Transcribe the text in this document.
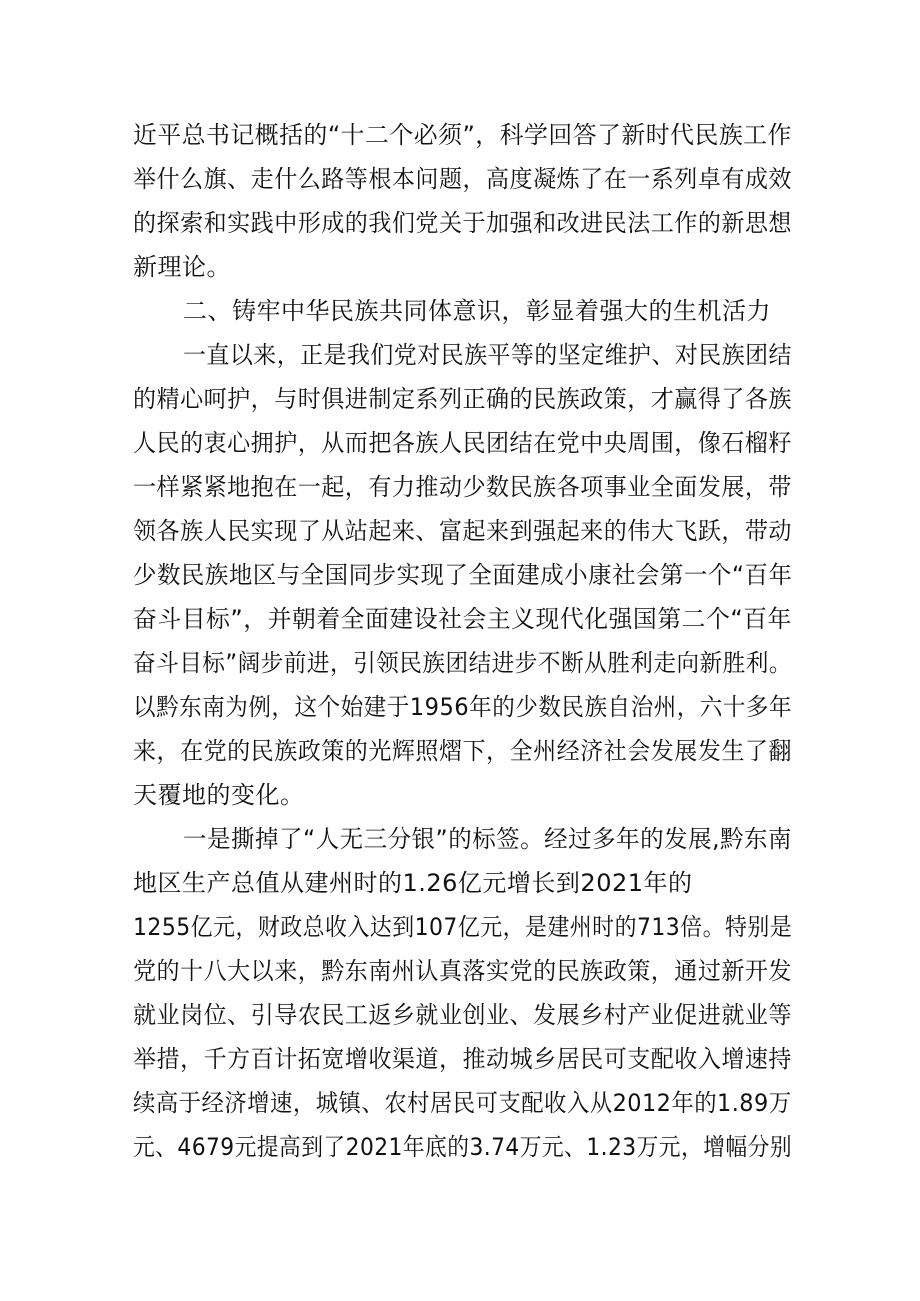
近平总书记概括的“十二个必须”，科学回答了新时代民族工作
举什么旗、走什么路等根本问题，高度凝炼了在一系列卓有成效
的探索和实践中形成的我们党关于加强和改进民法工作的新思想
新理论。
二、铸牢中华民族共同体意识，彰显着强大的生机活力
一直以来，正是我们党对民族平等的坚定维护、对民族团结
的精心呵护，与时俱进制定系列正确的民族政策，才赢得了各族
人民的衷心拥护，从而把各族人民团结在党中央周围，像石榴籽
一样紧紧地抱在一起，有力推动少数民族各项事业全面发展，带
领各族人民实现了从站起来、富起来到强起来的伟大飞跃，带动
少数民族地区与全国同步实现了全面建成小康社会第一个“百年
奋斗目标”，并朝着全面建设社会主义现代化强国第二个“百年
奋斗目标”阔步前进，引领民族团结进步不断从胜利走向新胜利。
以黔东南为例，这个始建于1956年的少数民族自治州，六十多年
来，在党的民族政策的光辉照熠下，全州经济社会发展发生了翻
天覆地的变化。
一是撕掉了“人无三分银”的标签。经过多年的发展,黔东南
地区生产总值从建州时的1.26亿元增长到2021年的
1255亿元，财政总收入达到107亿元，是建州时的713倍。特别是
党的十八大以来，黔东南州认真落实党的民族政策，通过新开发
就业岗位、引导农民工返乡就业创业、发展乡村产业促进就业等
举措，千方百计拓宽增收渠道，推动城乡居民可支配收入增速持
续高于经济增速，城镇、农村居民可支配收入从2012年的1.89万
元、4679元提高到了2021年底的3.74万元、1.23万元，增幅分别
